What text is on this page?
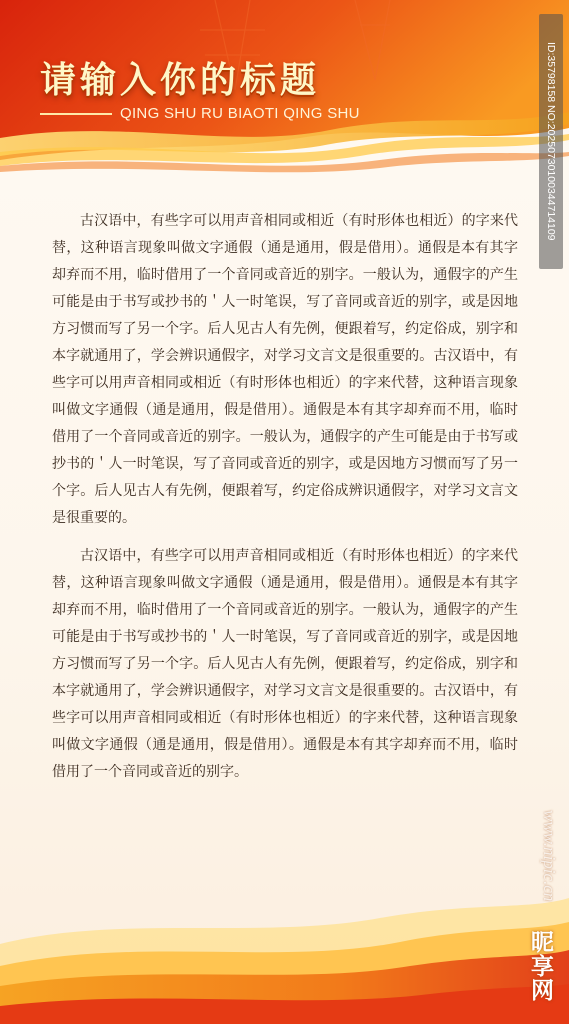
请输入你的标题
QING SHU RU BIAOTI QING SHU

古汉语中，有些字可以用声音相同或相近（有时形体也相近）的字来代替，这种语言现象叫做文字通假（通是通用，假是借用）。通假是本有其字却弃而不用，临时借用了一个音同或音近的别字。一般认为，通假字的产生可能是由于书写或抄书的＇人一时笔误，写了音同或音近的别字，或是因地方习惯而写了另一个字。后人见古人有先例，便跟着写，约定俗成，别字和本字就通用了，学会辨识通假字，对学习文言文是很重要的。古汉语中，有些字可以用声音相同或相近（有时形体也相近）的字来代替，这种语言现象叫做文字通假（通是通用，假是借用）。通假是本有其字却弃而不用，临时借用了一个音同或音近的别字。一般认为，通假字的产生可能是由于书写或抄书的＇人一时笔误，写了音同或音近的别字，或是因地方习惯而写了另一个字。后人见古人有先例，便跟着写，约定俗成辨识通假字，对学习文言文是很重要的。

古汉语中，有些字可以用声音相同或相近（有时形体也相近）的字来代替，这种语言现象叫做文字通假（通是通用，假是借用）。通假是本有其字却弃而不用，临时借用了一个音同或音近的别字。一般认为，通假字的产生可能是由于书写或抄书的＇人一时笔误，写了音同或音近的别字，或是因地方习惯而写了另一个字。后人见古人有先例，便跟着写，约定俗成，别字和本字就通用了，学会辨识通假字，对学习文言文是很重要的。古汉语中，有些字可以用声音相同或相近（有时形体也相近）的字来代替，这种语言现象叫做文字通假（通是通用，假是借用）。通假是本有其字却弃而不用，临时借用了一个音同或音近的别字。

ID:35798158 NO:20250730100344714109
www.nipic.cn
昵享网
